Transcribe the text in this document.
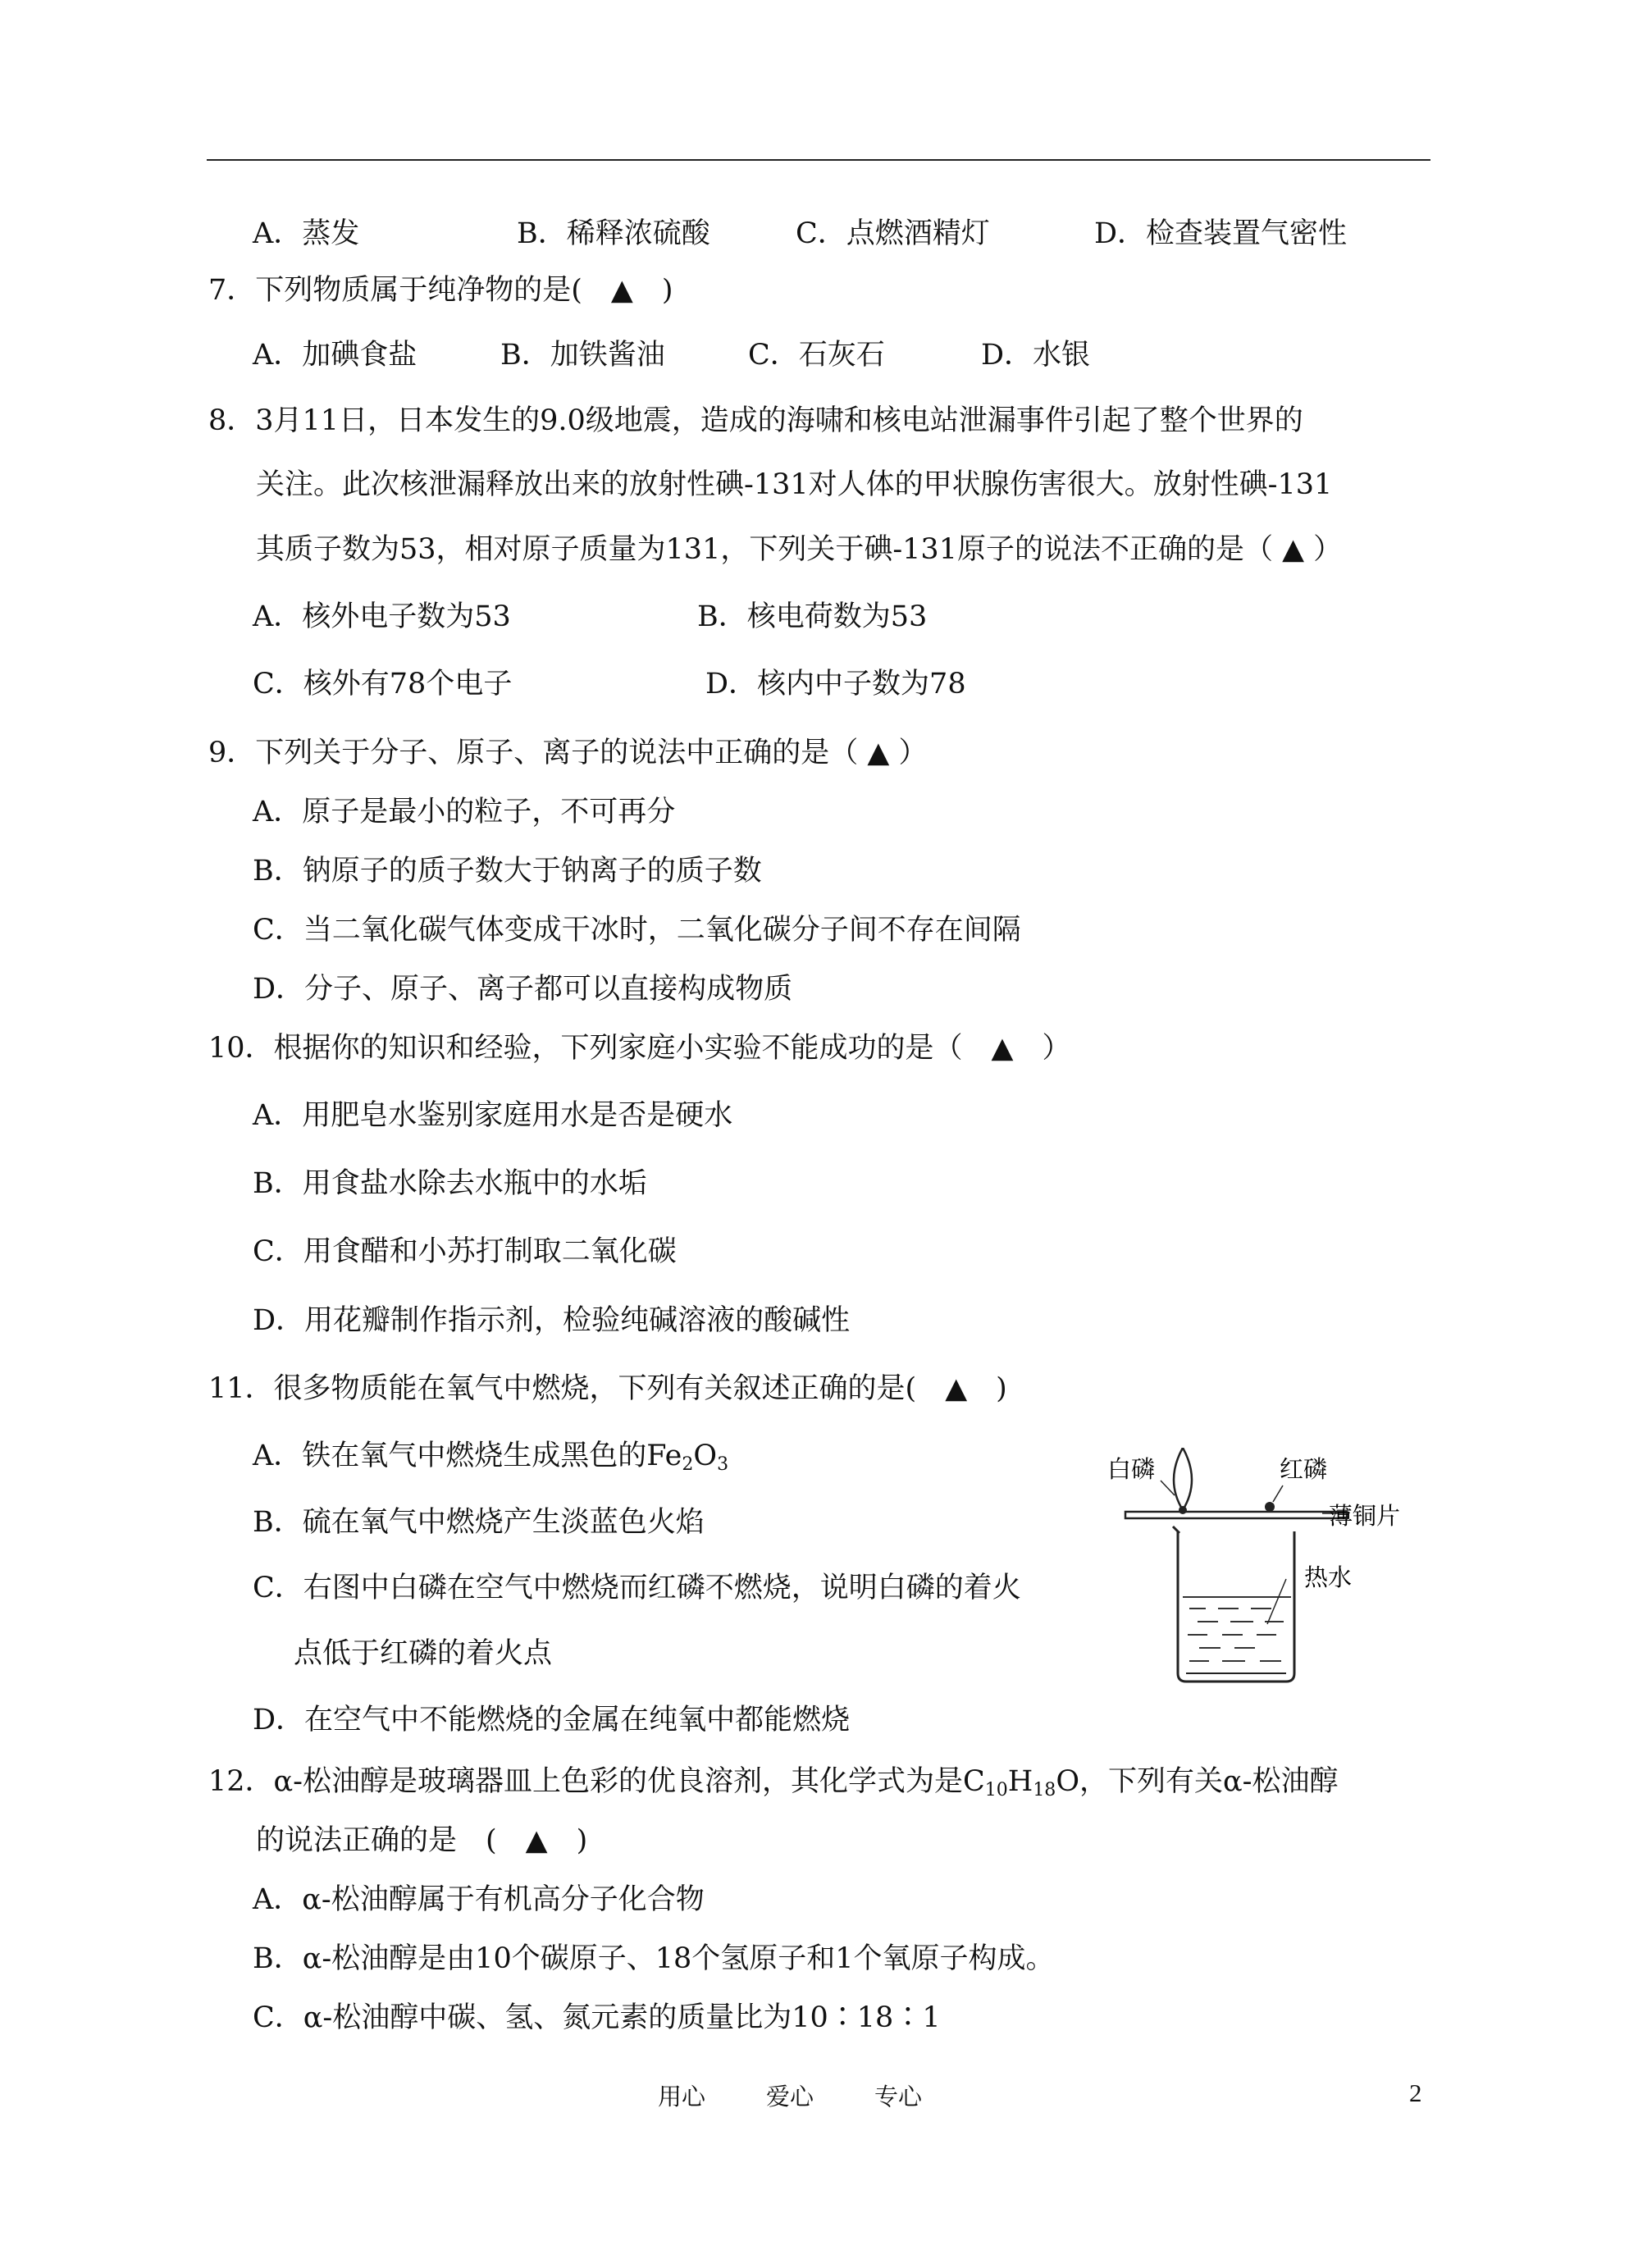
A．蒸发	B．稀释浓硫酸	C．点燃酒精灯	D．检查装置气密性
7．下列物质属于纯净物的是(　▲　)
A．加碘食盐	B．加铁酱油	C．石灰石	D．水银
8．3月11日，日本发生的9.0级地震，造成的海啸和核电站泄漏事件引起了整个世界的
关注。此次核泄漏释放出来的放射性碘-131对人体的甲状腺伤害很大。放射性碘-131
其质子数为53，相对原子质量为131，下列关于碘-131原子的说法不正确的是（ ▲ ）
A．核外电子数为53	B．核电荷数为53
C．核外有78个电子	D．核内中子数为78
9．下列关于分子、原子、离子的说法中正确的是（ ▲ ）
A．原子是最小的粒子，不可再分
B．钠原子的质子数大于钠离子的质子数
C．当二氧化碳气体变成干冰时，二氧化碳分子间不存在间隔
D．分子、原子、离子都可以直接构成物质
10．根据你的知识和经验，下列家庭小实验不能成功的是（　▲　）
A．用肥皂水鉴别家庭用水是否是硬水
B．用食盐水除去水瓶中的水垢
C．用食醋和小苏打制取二氧化碳
D．用花瓣制作指示剂，检验纯碱溶液的酸碱性
11．很多物质能在氧气中燃烧，下列有关叙述正确的是(　▲　)
A．铁在氧气中燃烧生成黑色的$Fe_2O_3$
B．硫在氧气中燃烧产生淡蓝色火焰
C．右图中白磷在空气中燃烧而红磷不燃烧，说明白磷的着火
点低于红磷的着火点
D．在空气中不能燃烧的金属在纯氧中都能燃烧
白磷	红磷
薄铜片
热水
12．α-松油醇是玻璃器皿上色彩的优良溶剂，其化学式为是$C_{10}H_{18}O$，下列有关α-松油醇
的说法正确的是　(　▲　)
A．α-松油醇属于有机高分子化合物
B．α-松油醇是由10个碳原子、18个氢原子和1个氧原子构成。
C．α-松油醇中碳、氢、氮元素的质量比为10∶18∶1
用心	爱心	专心	2
